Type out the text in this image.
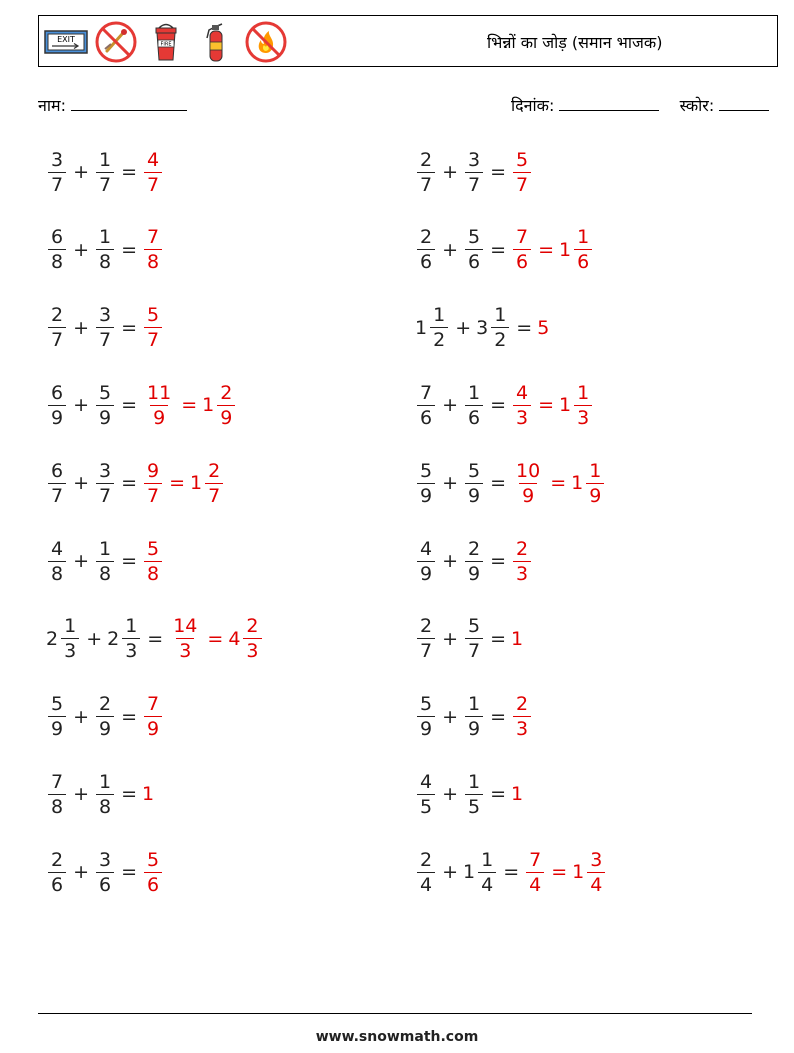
EXIT
FIRE	भिन्नों का जोड़ (समान भाजक)
नाम:	दिनांक:	स्कोर:
$\frac{3}{7} + \frac{1}{7} = \frac{4}{7}$	$\frac{2}{7} + \frac{3}{7} = \frac{5}{7}$
$\frac{6}{8} + \frac{1}{8} = \frac{7}{8}$	$\frac{2}{6} + \frac{5}{6} = \frac{7}{6} = 1 \frac{1}{6}$
$\frac{2}{7} + \frac{3}{7} = \frac{5}{7}$	$1 \frac{1}{2} + 3 \frac{1}{2} = 5$
$\frac{6}{9} + \frac{5}{9} = \frac{11}{9} = 1 \frac{2}{9}$	$\frac{7}{6} + \frac{1}{6} = \frac{4}{3} = 1 \frac{1}{3}$
$\frac{6}{7} + \frac{3}{7} = \frac{9}{7} = 1 \frac{2}{7}$	$\frac{5}{9} + \frac{5}{9} = \frac{10}{9} = 1 \frac{1}{9}$
$\frac{4}{8} + \frac{1}{8} = \frac{5}{8}$	$\frac{4}{9} + \frac{2}{9} = \frac{2}{3}$
$2 \frac{1}{3} + 2 \frac{1}{3} = \frac{14}{3} = 4 \frac{2}{3}$	$\frac{2}{7} + \frac{5}{7} = 1$
$\frac{5}{9} + \frac{2}{9} = \frac{7}{9}$	$\frac{5}{9} + \frac{1}{9} = \frac{2}{3}$
$\frac{7}{8} + \frac{1}{8} = 1$	$\frac{4}{5} + \frac{1}{5} = 1$
$\frac{2}{6} + \frac{3}{6} = \frac{5}{6}$	$\frac{2}{4} + 1 \frac{1}{4} = \frac{7}{4} = 1 \frac{3}{4}$
www.snowmath.com
